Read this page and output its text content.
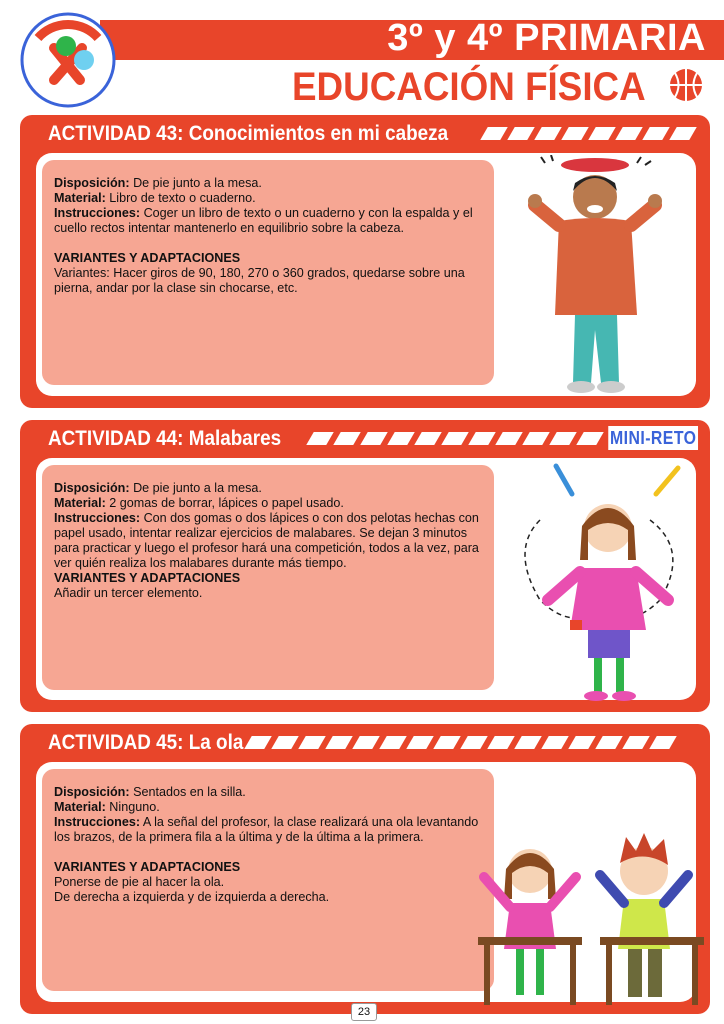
3º y 4º PRIMARIA
EDUCACIÓN FÍSICA
ACTIVIDAD 43: Conocimientos en mi cabeza

Disposición: De pie junto a la mesa.

Material: Libro de texto o cuaderno.

Instrucciones: Coger un libro de texto o un cuaderno y con la espalda y el cuello rectos intentar mantenerlo en equilibrio sobre la cabeza.

VARIANTES Y ADAPTACIONES

Variantes: Hacer giros de 90, 180, 270 o 360 grados, quedarse sobre una pierna, andar por la clase sin chocarse, etc.

ACTIVIDAD 44: Malabares	MINI-RETO

Disposición: De pie junto a la mesa.

Material: 2 gomas de borrar, lápices o papel usado.

Instrucciones: Con dos gomas o dos lápices o con dos pelotas hechas con papel usado, intentar realizar ejercicios de malabares. Se dejan 3 minutos para practicar y luego el profesor hará una competición, todos a la vez, para ver quién realiza los malabares durante más tiempo.

VARIANTES Y ADAPTACIONES

Añadir un tercer elemento.

ACTIVIDAD 45: La ola

Disposición: Sentados en la silla.

Material: Ninguno.

Instrucciones: A la señal del profesor, la clase realizará una ola levantando los brazos, de la primera fila a la última y de la última a la primera.

VARIANTES Y ADAPTACIONES

Ponerse de pie al hacer la ola.

De derecha a izquierda y de izquierda a derecha.

23
